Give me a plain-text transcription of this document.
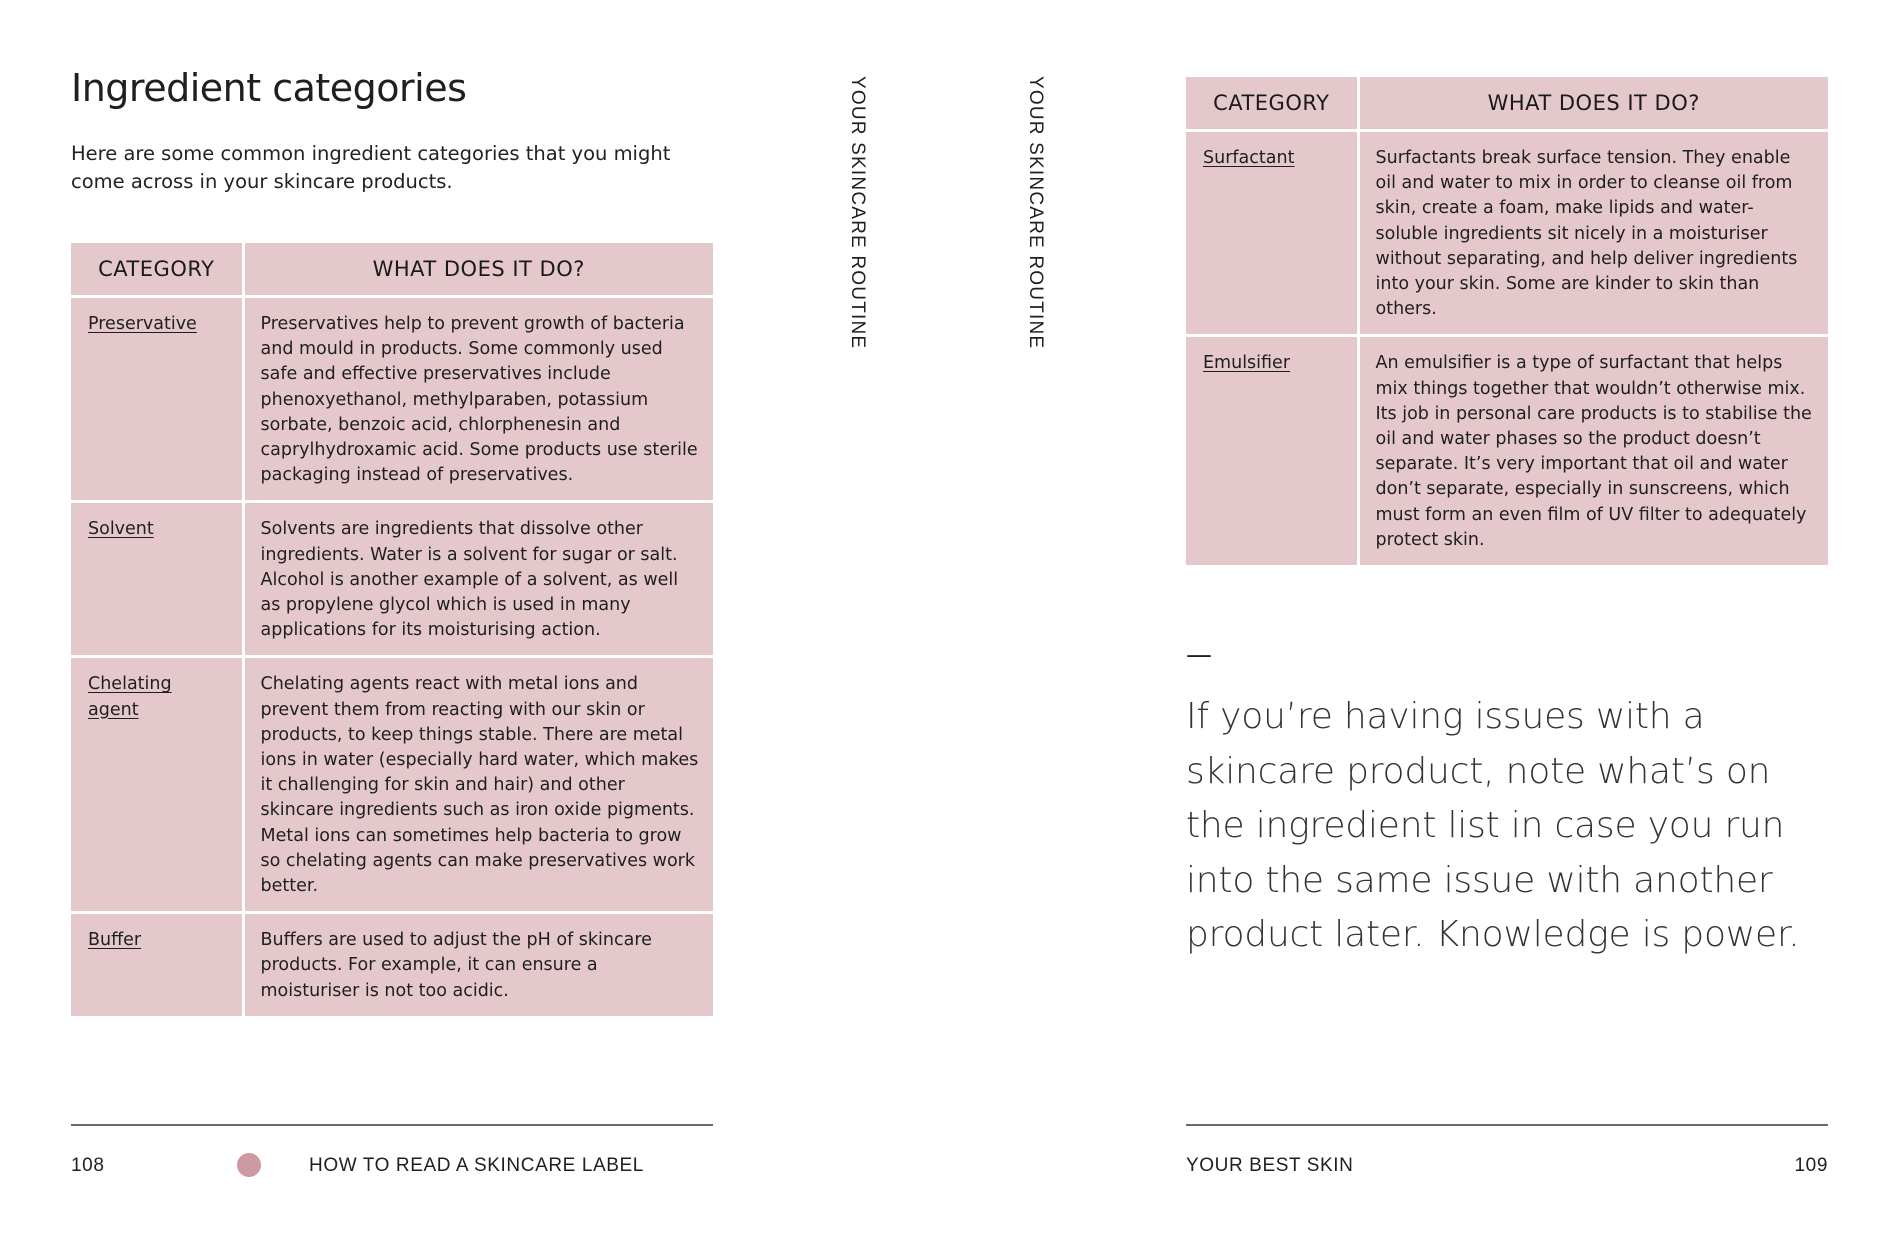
Ingredient categories

Here are some common ingredient categories that you might come across in your skincare products.

CATEGORY	WHAT DOES IT DO?
Preservative	Preservatives help to prevent growth of bacteria and mould in products. Some commonly used safe and effective preservatives include phenoxyethanol, methylparaben, potassium sorbate, benzoic acid, chlorphenesin and caprylhydroxamic acid. Some products use sterile packaging instead of preservatives.
Solvent	Solvents are ingredients that dissolve other ingredients. Water is a solvent for sugar or salt. Alcohol is another example of a solvent, as well as propylene glycol which is used in many applications for its moisturising action.
Chelating agent	Chelating agents react with metal ions and prevent them from reacting with our skin or products, to keep things stable. There are metal ions in water (especially hard water, which makes it challenging for skin and hair) and other skincare ingredients such as iron oxide pigments. Metal ions can sometimes help bacteria to grow so chelating agents can make preservatives work better.
Buffer	Buffers are used to adjust the pH of skincare products. For example, it can ensure a moisturiser is not too acidic.
YOUR SKINCARE ROUTINE
108	HOW TO READ A SKINCARE LABEL
CATEGORY	WHAT DOES IT DO?
Surfactant	Surfactants break surface tension. They enable oil and water to mix in order to cleanse oil from skin, create a foam, make lipids and water-soluble ingredients sit nicely in a moisturiser without separating, and help deliver ingredients into your skin. Some are kinder to skin than others.
Emulsifier	An emulsifier is a type of surfactant that helps mix things together that wouldn’t otherwise mix. Its job in personal care products is to stabilise the oil and water phases so the product doesn’t separate. It’s very important that oil and water don’t separate, especially in sunscreens, which must form an even film of UV filter to adequately protect skin.
YOUR SKINCARE ROUTINE
—

If you’re having issues with a skincare product, note what’s on the ingredient list in case you run into the same issue with another product later. Knowledge is power.

YOUR BEST SKIN	109
